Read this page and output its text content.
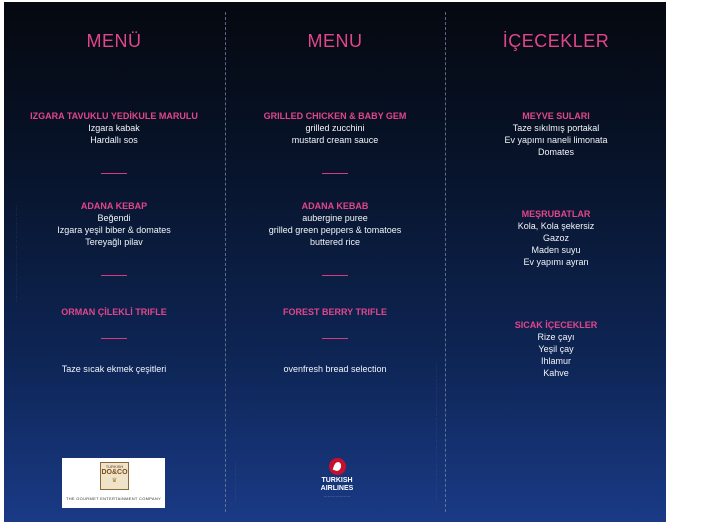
· · · · · · · · · · · · · · · · · · · · · · · · · · · · · · · · · · · · · · · ·
· · · · · · · · · · · · · · · · ·	· · · · · · · · · · · · · · · · · · · · · · · · · · · · · · · · · · · · · · · · · · · · · · · · · · · · · · · · ·
MENÜ
IZGARA TAVUKLU YEDİKULE MARULU
Izgara kabak
Hardallı sos
ADANA KEBAP
Beğendi
Izgara yeşil biber & domates
Tereyağlı pilav
ORMAN ÇİLEKLİ TRIFLE
Taze sıcak ekmek çeşitleri
MENU
GRILLED CHICKEN & BABY GEM
grilled zucchini
mustard cream sauce
ADANA KEBAB
aubergine puree
grilled green peppers & tomatoes
buttered rice
FOREST BERRY TRIFLE
ovenfresh bread selection
İÇECEKLER
MEYVE SULARI
Taze sıkılmış portakal
Ev yapımı naneli limonata
Domates
MEŞRUBATLAR
Kola, Kola şekersiz
Gazoz
Maden suyu
Ev yapımı ayran
SICAK İÇECEKLER
Rize çayı
Yeşil çay
Ihlamur
Kahve
TURKISH
DO&CO
♛
THE GOURMET ENTERTAINMENT COMPANY
TURKISH AIRLINES
— — — — — — —
